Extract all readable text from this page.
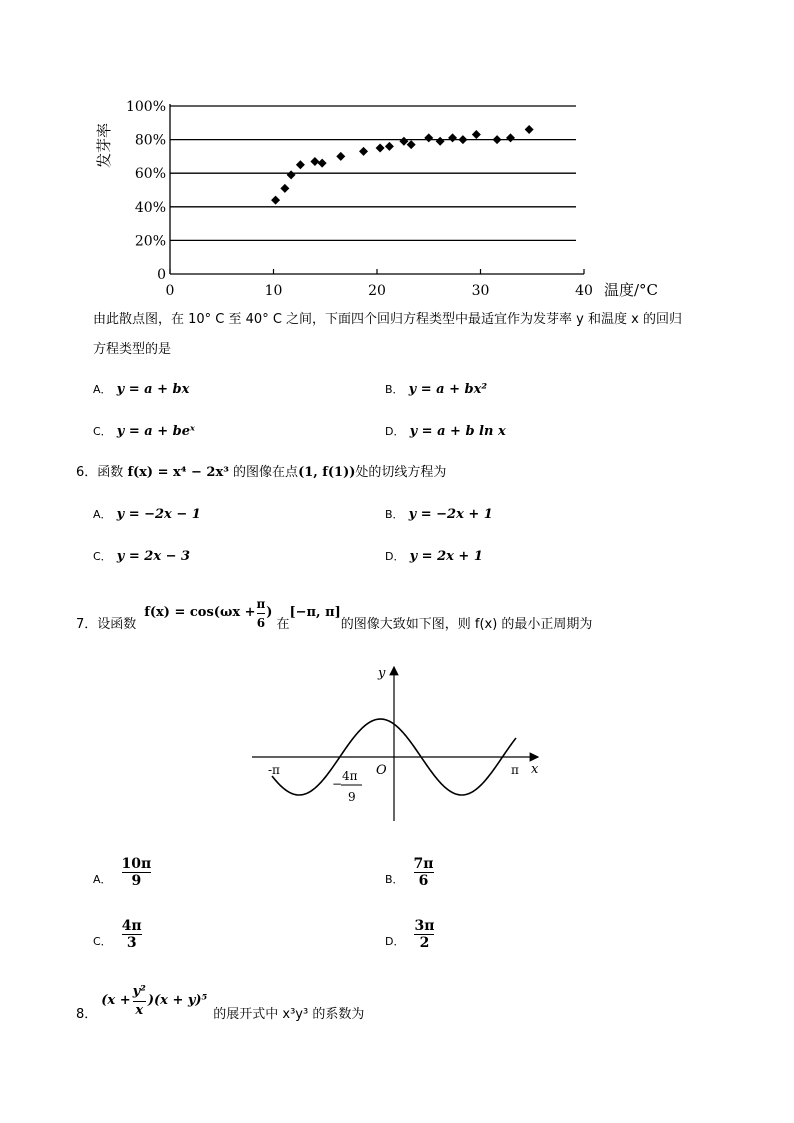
0
20%
40%
60%
80%
100%
0	10	20	30	40 温度/°C
发芽率
由此散点图，在 10° C 至 40° C 之间，下面四个回归方程类型中最适宜作为发芽率 y 和温度 x 的回归
方程类型的是
A． y = a + bx	B． y = a + bx²
C． y = a + beˣ	D． y = a + b ln x
6．函数 f(x) = x⁴ − 2x³ 的图像在点(1, f(1))处的切线方程为
A． y = −2x − 1	B． y = −2x + 1
C． y = 2x − 3	D． y = 2x + 1
7． 设函数
$f(x) = \cos(\omega x + \frac{\pi}{6}$ )
在
[−π, π]
的图像大致如下图，则 f(x) 的最小正周期为
y
x
O
-π	π
−
4π
9
A． $\frac{10\pi}{9}$	B． $\frac{7\pi}{6}$
C． $\frac{4\pi}{3}$	D． $\frac{3\pi}{2}$
8．
$(x + \frac{\text{y²}}{x} )(x + y)^5$
的展开式中 x³y³ 的系数为
